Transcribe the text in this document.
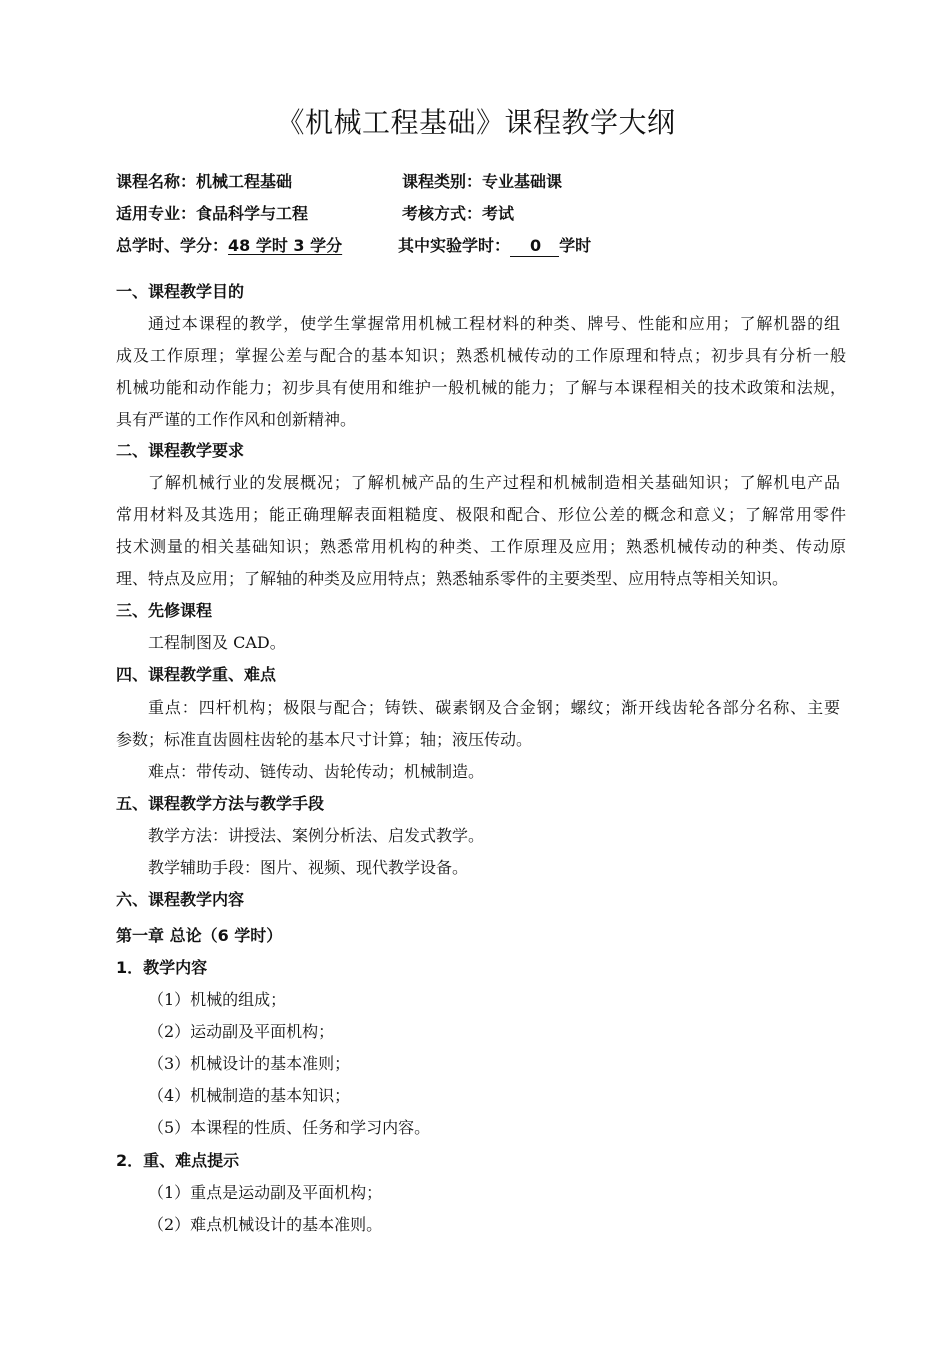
《机械工程基础》课程教学大纲
课程名称：机械工程基础	课程类别：专业基础课
适用专业：食品科学与工程	考核方式：考试
总学时、学分：48 学时 3 学分	其中实验学时： 0 学时
一、课程教学目的
通过本课程的教学，使学生掌握常用机械工程材料的种类、牌号、性能和应用；了解机器的组
成及工作原理；掌握公差与配合的基本知识；熟悉机械传动的工作原理和特点；初步具有分析一般
机械功能和动作能力；初步具有使用和维护一般机械的能力；了解与本课程相关的技术政策和法规，
具有严谨的工作作风和创新精神。
二、课程教学要求
了解机械行业的发展概况；了解机械产品的生产过程和机械制造相关基础知识；了解机电产品
常用材料及其选用；能正确理解表面粗糙度、极限和配合、形位公差的概念和意义；了解常用零件
技术测量的相关基础知识；熟悉常用机构的种类、工作原理及应用；熟悉机械传动的种类、传动原
理、特点及应用；了解轴的种类及应用特点；熟悉轴系零件的主要类型、应用特点等相关知识。
三、先修课程
工程制图及 CAD。
四、课程教学重、难点
重点：四杆机构；极限与配合；铸铁、碳素钢及合金钢；螺纹；渐开线齿轮各部分名称、主要
参数；标准直齿圆柱齿轮的基本尺寸计算；轴；液压传动。
难点：带传动、链传动、齿轮传动；机械制造。
五、课程教学方法与教学手段
教学方法：讲授法、案例分析法、启发式教学。
教学辅助手段：图片、视频、现代教学设备。
六、课程教学内容
第一章 总论（6 学时）
1．教学内容
（1）机械的组成；
（2）运动副及平面机构；
（3）机械设计的基本准则；
（4）机械制造的基本知识；
（5）本课程的性质、任务和学习内容。
2．重、难点提示
（1）重点是运动副及平面机构；
（2）难点机械设计的基本准则。
